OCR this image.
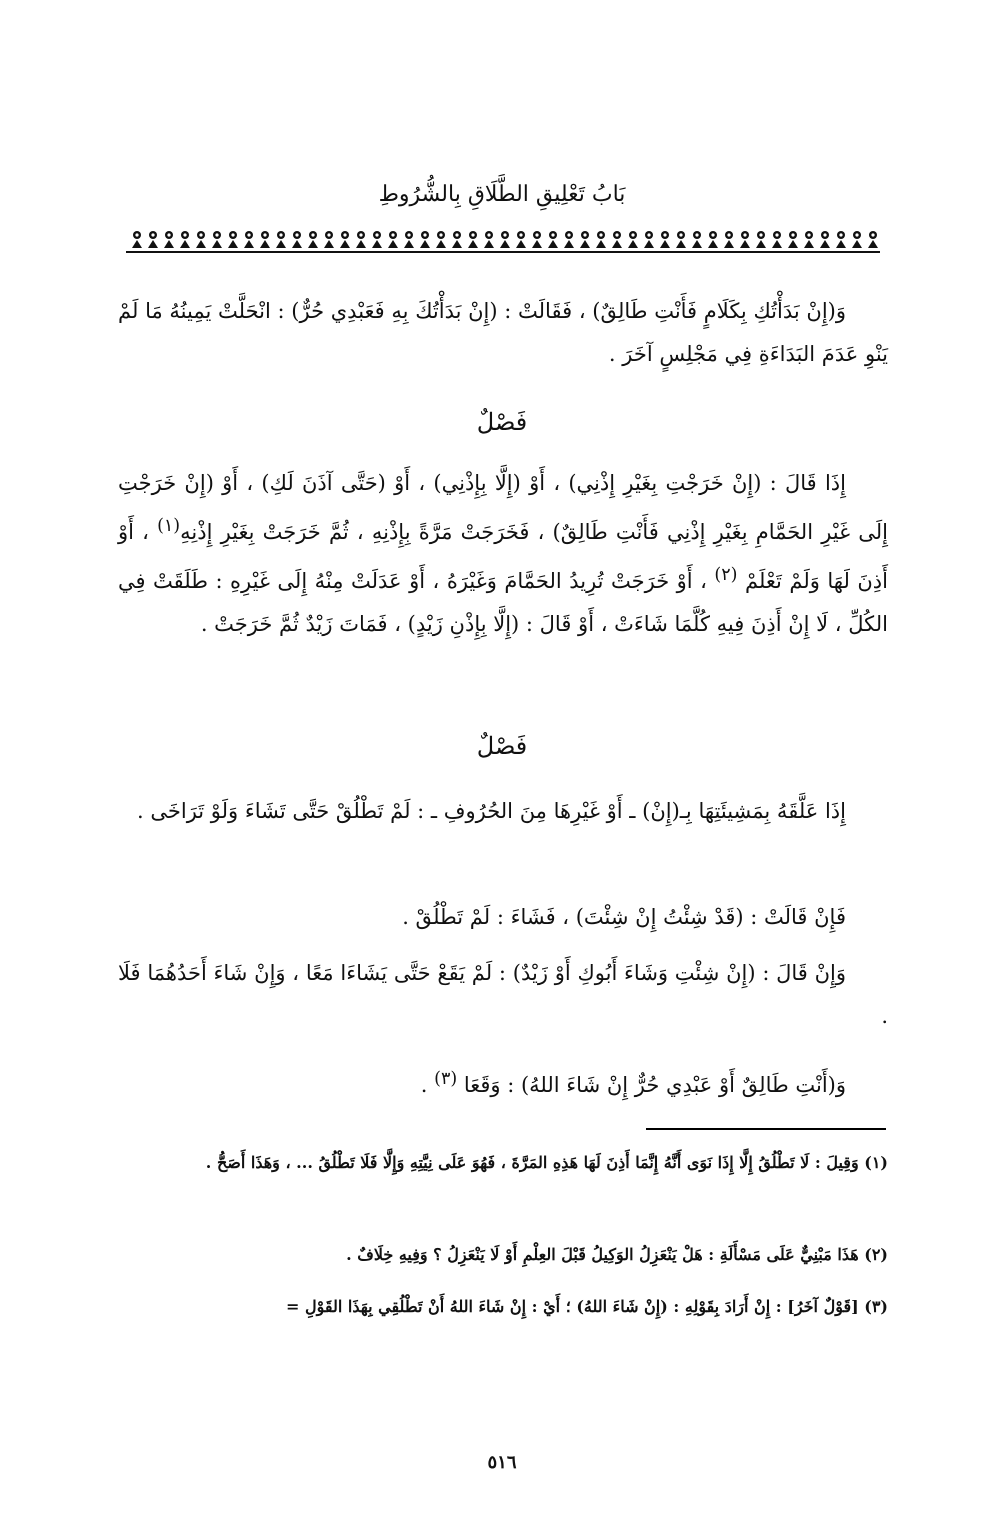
بَابُ تَعْلِيقِ الطَّلَاقِ بِالشُّرُوطِ

وَ(إِنْ بَدَأْتُكِ بِكَلَامٍ فَأَنْتِ طَالِقٌ) ، فَقَالَتْ : (إِنْ بَدَأْتُكَ بِهِ فَعَبْدِي حُرٌّ) : انْحَلَّتْ يَمِينُهُ مَا لَمْ يَنْوِ عَدَمَ البَدَاءَةِ فِي مَجْلِسٍ آخَرَ .

فَصْلٌ

إِذَا قَالَ : (إِنْ خَرَجْتِ بِغَيْرِ إِذْنِي) ، أَوْ (إِلَّا بِإِذْنِي) ، أَوْ (حَتَّى آذَنَ لَكِ) ، أَوْ (إِنْ خَرَجْتِ إِلَى غَيْرِ الحَمَّامِ بِغَيْرِ إِذْنِي فَأَنْتِ طَالِقٌ) ، فَخَرَجَتْ مَرَّةً بِإِذْنِهِ ، ثُمَّ خَرَجَتْ بِغَيْرِ إِذْنِهِ$^{(١)}$ ، أَوْ أَذِنَ لَهَا وَلَمْ تَعْلَمْ $^{(٢)}$ ، أَوْ خَرَجَتْ تُرِيدُ الحَمَّامَ وَغَيْرَهُ ، أَوْ عَدَلَتْ مِنْهُ إِلَى غَيْرِهِ : طَلَقَتْ فِي الكُلِّ ، لَا إِنْ أَذِنَ فِيهِ كُلَّمَا شَاءَتْ ، أَوْ قَالَ : (إِلَّا بِإِذْنِ زَيْدٍ) ، فَمَاتَ زَيْدٌ ثُمَّ خَرَجَتْ .

فَصْلٌ

إِذَا عَلَّقَهُ بِمَشِيئَتِهَا بِـ(إِنْ) ـ أَوْ غَيْرِهَا مِنَ الحُرُوفِ ـ : لَمْ تَطْلُقْ حَتَّى تَشَاءَ وَلَوْ تَرَاخَى .

فَإِنْ قَالَتْ : (قَدْ شِئْتُ إِنْ شِئْتَ) ، فَشَاءَ : لَمْ تَطْلُقْ .

وَإِنْ قَالَ : (إِنْ شِئْتِ وَشَاءَ أَبُوكِ أَوْ زَيْدٌ) : لَمْ يَقَعْ حَتَّى يَشَاءَا مَعًا ، وَإِنْ شَاءَ أَحَدُهُمَا فَلَا .

وَ(أَنْتِ طَالِقٌ أَوْ عَبْدِي حُرٌّ إِنْ شَاءَ اللهُ) : وَقَعَا $^{(٣)}$ .

(١) وَقِيلَ : لَا تَطْلُقُ إِلَّا إِذَا نَوَى أَنَّهُ إِنَّمَا أَذِنَ لَهَا هَذِهِ المَرَّةَ ، فَهُوَ عَلَى نِيَّتِهِ وَإِلَّا فَلَا تَطْلُقُ ... ، وَهَذَا أَصَحُّ .

(٢) هَذَا مَبْنِيٌّ عَلَى مَسْأَلَةِ : هَلْ يَنْعَزِلُ الوَكِيلُ قَبْلَ العِلْمِ أَوْ لَا يَنْعَزِلُ ؟ وَفِيهِ خِلَافٌ .

(٣) [قَوْلٌ آخَرُ] : إِنْ أَرَادَ بِقَوْلِهِ : (إِنْ شَاءَ اللهُ) ؛ أَيْ : إِنْ شَاءَ اللهُ أَنْ تَطْلُقِي بِهَذَا القَوْلِ =

٥١٦
